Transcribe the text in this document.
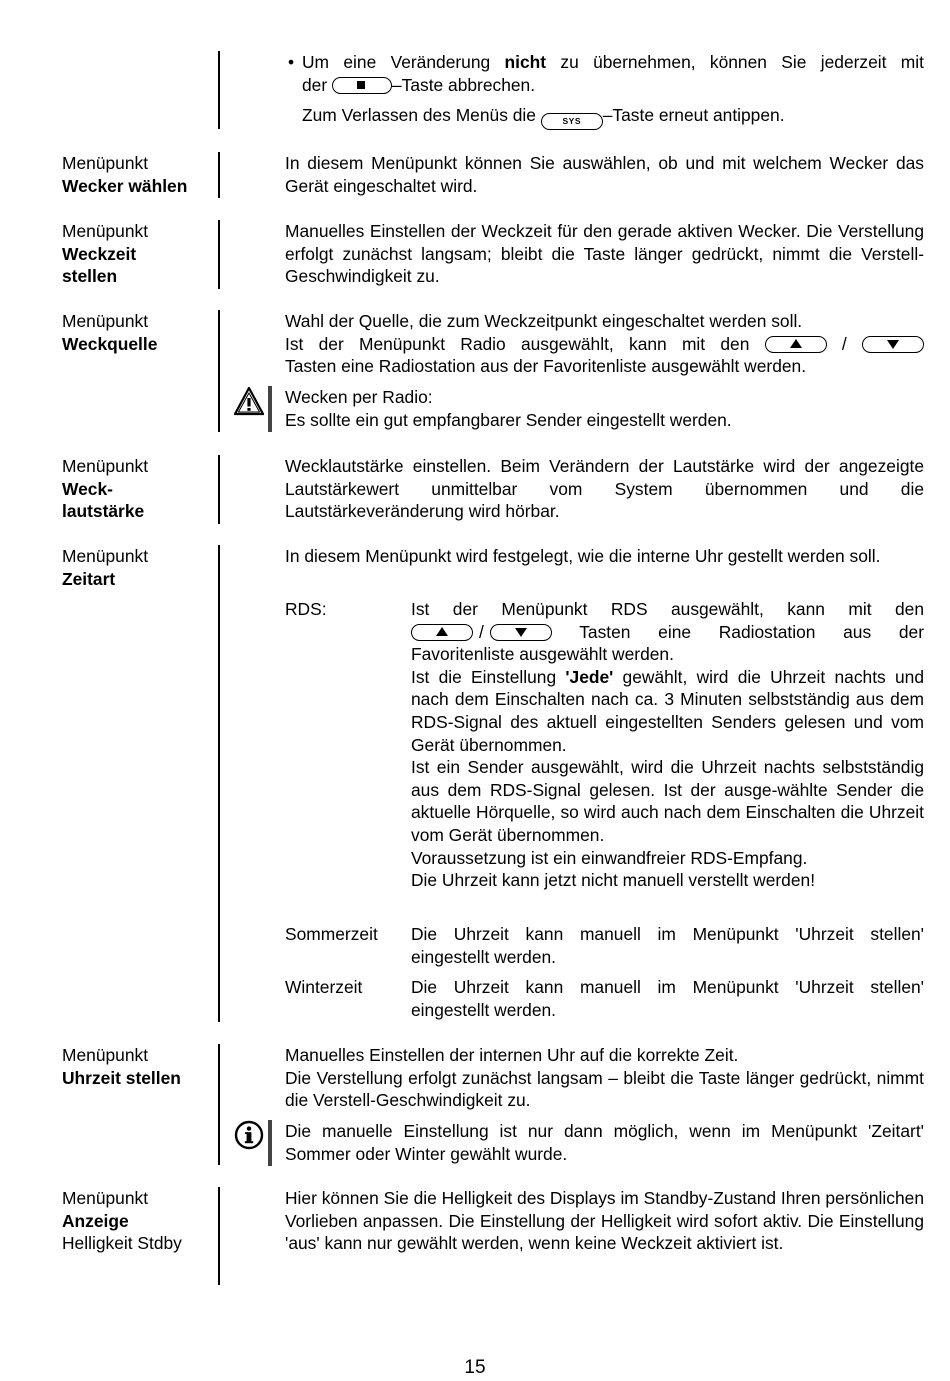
• Um eine Veränderung nicht zu übernehmen, können Sie jederzeit mit

der	–Taste abbrechen.

Zum Verlassen des Menüs die	SYS –Taste erneut antippen.

Menüpunkt
Wecker wählen

In diesem Menüpunkt können Sie auswählen, ob und mit welchem Wecker das Gerät eingeschaltet wird.

Menüpunkt
Weckzeit
stellen

Manuelles Einstellen der Weckzeit für den gerade aktiven Wecker. Die Verstellung erfolgt zunächst langsam; bleibt die Taste länger gedrückt, nimmt die Verstell-Geschwindigkeit zu.

Menüpunkt
Weckquelle

Wahl der Quelle, die zum Weckzeitpunkt eingeschaltet werden soll.

Ist der Menüpunkt Radio ausgewählt, kann mit den	/

Tasten eine Radiostation aus der Favoritenliste ausgewählt werden.

Wecken per Radio:

Es sollte ein gut empfangbarer Sender eingestellt werden.

Menüpunkt
Weck-
lautstärke

Wecklautstärke einstellen. Beim Verändern der Lautstärke wird der angezeigte Lautstärkewert unmittelbar vom System übernommen und die Lautstärkeveränderung wird hörbar.

Menüpunkt
Zeitart

In diesem Menüpunkt wird festgelegt, wie die interne Uhr gestellt werden soll.

RDS:	Ist der Menüpunkt RDS ausgewählt, kann mit den

/	Tasten eine Radiostation aus der

Favoritenliste ausgewählt werden.

Ist die Einstellung 'Jede' gewählt, wird die Uhrzeit nachts und nach dem Einschalten nach ca. 3 Minuten selbstständig aus dem RDS-Signal des aktuell eingestellten Senders gelesen und vom Gerät übernommen.

Ist ein Sender ausgewählt, wird die Uhrzeit nachts selbstständig aus dem RDS-Signal gelesen. Ist der ausge-wählte Sender die aktuelle Hörquelle, so wird auch nach dem Einschalten die Uhrzeit vom Gerät übernommen.

Voraussetzung ist ein einwandfreier RDS-Empfang.

Die Uhrzeit kann jetzt nicht manuell verstellt werden!

Sommerzeit Die Uhrzeit kann manuell im Menüpunkt 'Uhrzeit stellen' eingestellt werden.

Winterzeit	Die Uhrzeit kann manuell im Menüpunkt 'Uhrzeit stellen' eingestellt werden.

Menüpunkt
Uhrzeit stellen

Manuelles Einstellen der internen Uhr auf die korrekte Zeit.

Die Verstellung erfolgt zunächst langsam – bleibt die Taste länger gedrückt, nimmt die Verstell-Geschwindigkeit zu.

Die manuelle Einstellung ist nur dann möglich, wenn im Menüpunkt 'Zeitart' Sommer oder Winter gewählt wurde.

Menüpunkt
Anzeige
Helligkeit Stdby

Hier können Sie die Helligkeit des Displays im Standby-Zustand Ihren persönlichen Vorlieben anpassen. Die Einstellung der Helligkeit wird sofort aktiv. Die Einstellung 'aus' kann nur gewählt werden, wenn keine Weckzeit aktiviert ist.

15
